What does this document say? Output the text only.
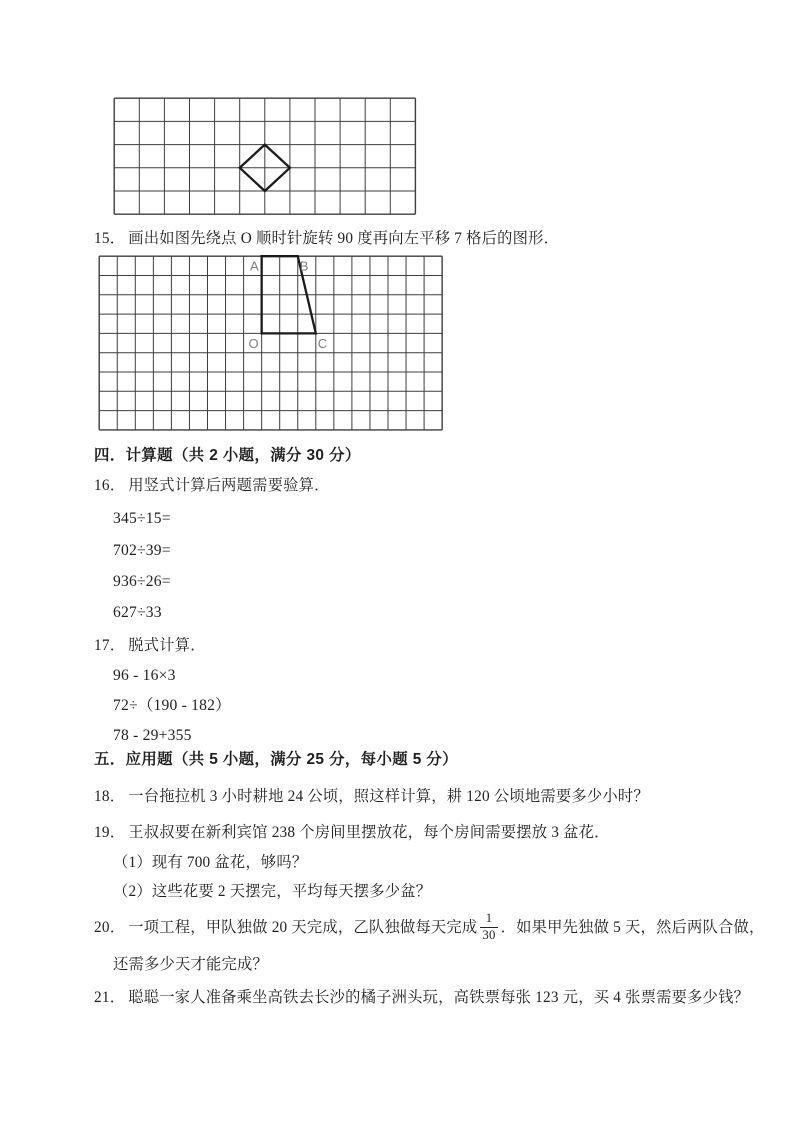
15． 画出如图先绕点 O 顺时针旋转 90 度再向左平移 7 格后的图形．
A	B
O	C
四．计算题（共 2 小题，满分 30 分）
16． 用竖式计算后两题需要验算．
345÷15=
702÷39=
936÷26=
627÷33
17． 脱式计算．
96 - 16×3
72÷（190 - 182）
78 - 29+355
五．应用题（共 5 小题，满分 25 分，每小题 5 分）
18． 一台拖拉机 3 小时耕地 24 公顷，照这样计算，耕 120 公顷地需要多少小时？
19． 王叔叔要在新利宾馆 238 个房间里摆放花，每个房间需要摆放 3 盆花．
（1）现有 700 盆花，够吗？
（2）这些花要 2 天摆完，平均每天摆多少盆？
20． 一项工程，甲队独做 20 天完成，乙队独做每天完成 $\frac{1}{30}$ ．如果甲先独做 5 天，然后两队合做，
还需多少天才能完成？
21． 聪聪一家人准备乘坐高铁去长沙的橘子洲头玩，高铁票每张 123 元，买 4 张票需要多少钱？
